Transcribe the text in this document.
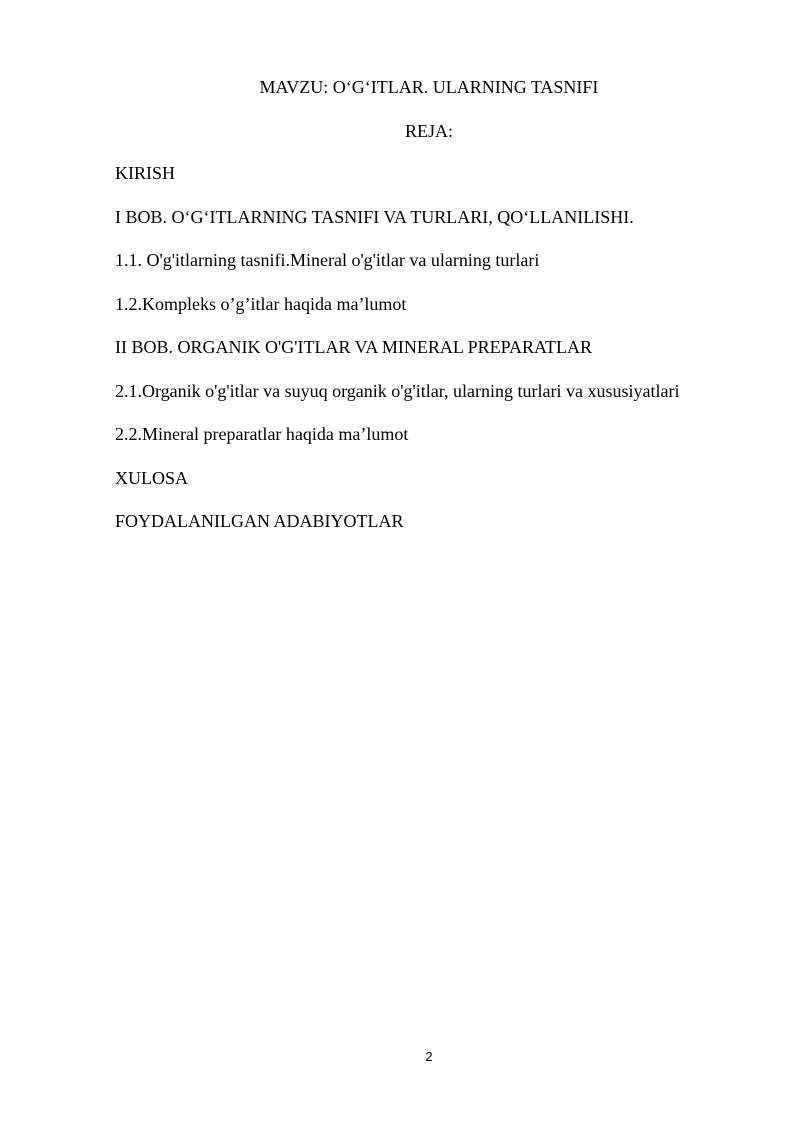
MAVZU: O‘G‘ITLAR. ULARNING TASNIFI
REJA:
KIRISH
I BOB. O‘G‘ITLARNING TASNIFI VA TURLARI, QO‘LLANILISHI.
1.1. O'g'itlarning tasnifi.Mineral o'g'itlar va ularning turlari
1.2.Kompleks o’g’itlar haqida ma’lumot
II BOB. ORGANIK O'G'ITLAR VA MINERAL PREPARATLAR
2.1.Organik o'g'itlar va suyuq organik o'g'itlar, ularning turlari va xususiyatlari
2.2.Mineral preparatlar haqida ma’lumot
XULOSA
FOYDALANILGAN ADABIYOTLAR
2
